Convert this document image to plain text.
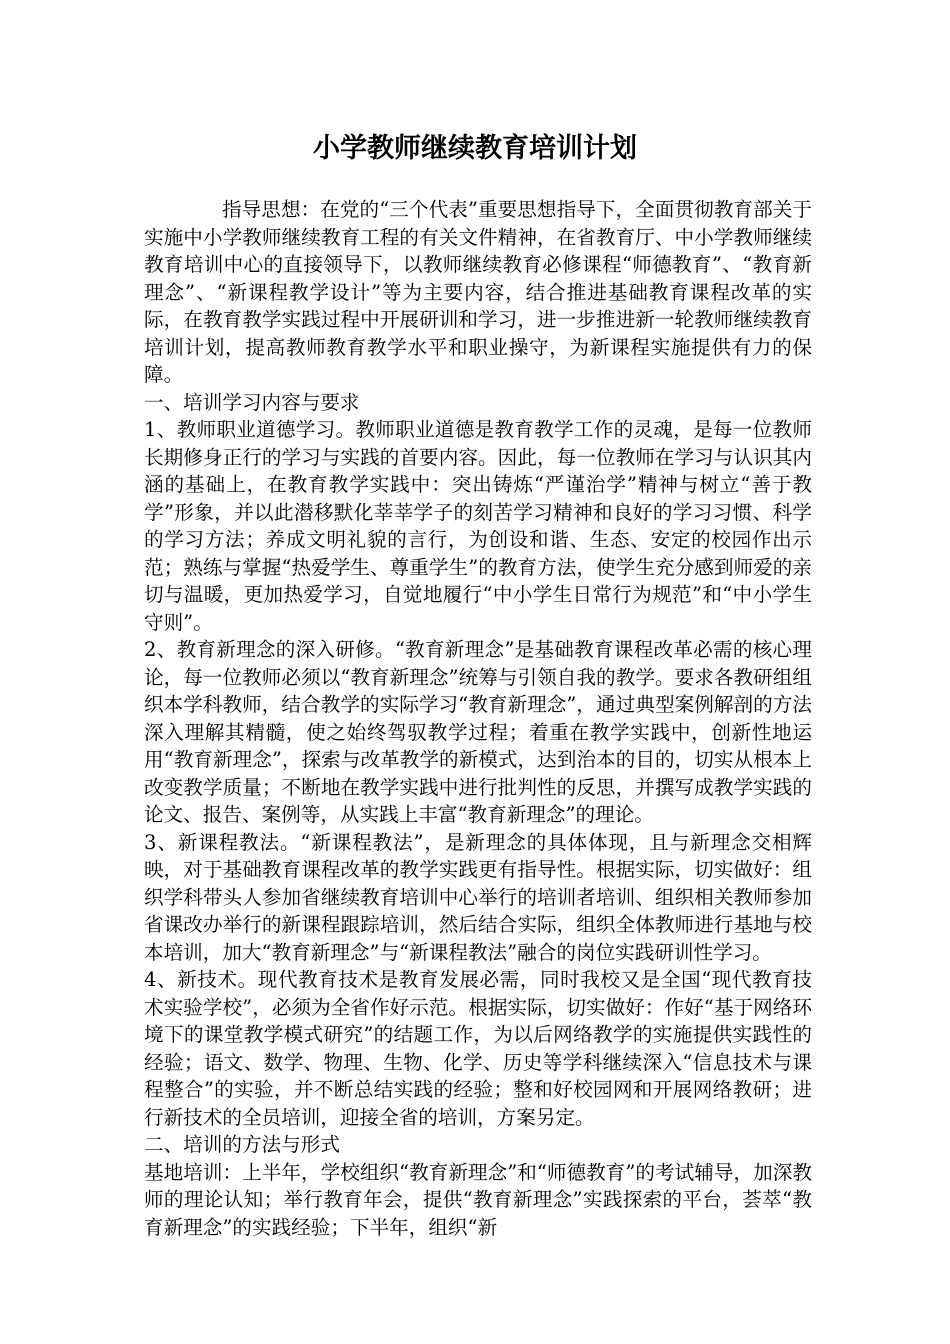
小学教师继续教育培训计划

指导思想：在党的“三个代表”重要思想指导下，全面贯彻教育部关于实施中小学教师继续教育工程的有关文件精神，在省教育厅、中小学教师继续教育培训中心的直接领导下，以教师继续教育必修课程“师德教育”、“教育新理念”、“新课程教学设计”等为主要内容，结合推进基础教育课程改革的实际，在教育教学实践过程中开展研训和学习，进一步推进新一轮教师继续教育培训计划，提高教师教育教学水平和职业操守，为新课程实施提供有力的保障。

一、培训学习内容与要求

1、教师职业道德学习。教师职业道德是教育教学工作的灵魂，是每一位教师长期修身正行的学习与实践的首要内容。因此，每一位教师在学习与认识其内涵的基础上，在教育教学实践中：突出铸炼“严谨治学”精神与树立“善于教学”形象，并以此潜移默化莘莘学子的刻苦学习精神和良好的学习习惯、科学的学习方法；养成文明礼貌的言行，为创设和谐、生态、安定的校园作出示范；熟练与掌握“热爱学生、尊重学生”的教育方法，使学生充分感到师爱的亲切与温暖，更加热爱学习，自觉地履行“中小学生日常行为规范”和“中小学生守则”。

2、教育新理念的深入研修。“教育新理念”是基础教育课程改革必需的核心理论，每一位教师必须以“教育新理念”统筹与引领自我的教学。要求各教研组组织本学科教师，结合教学的实际学习“教育新理念”，通过典型案例解剖的方法深入理解其精髓，使之始终驾驭教学过程；着重在教学实践中，创新性地运用“教育新理念”，探索与改革教学的新模式，达到治本的目的，切实从根本上改变教学质量；不断地在教学实践中进行批判性的反思，并撰写成教学实践的论文、报告、案例等，从实践上丰富“教育新理念”的理论。

3、新课程教法。“新课程教法”，是新理念的具体体现，且与新理念交相辉映，对于基础教育课程改革的教学实践更有指导性。根据实际，切实做好：组织学科带头人参加省继续教育培训中心举行的培训者培训、组织相关教师参加省课改办举行的新课程跟踪培训，然后结合实际，组织全体教师进行基地与校本培训，加大“教育新理念”与“新课程教法”融合的岗位实践研训性学习。

4、新技术。现代教育技术是教育发展必需，同时我校又是全国“现代教育技术实验学校”，必须为全省作好示范。根据实际，切实做好：作好“基于网络环境下的课堂教学模式研究”的结题工作，为以后网络教学的实施提供实践性的经验；语文、数学、物理、生物、化学、历史等学科继续深入“信息技术与课程整合”的实验，并不断总结实践的经验；整和好校园网和开展网络教研；进行新技术的全员培训，迎接全省的培训，方案另定。

二、培训的方法与形式

基地培训：上半年，学校组织“教育新理念”和“师德教育”的考试辅导，加深教师的理论认知；举行教育年会，提供“教育新理念”实践探索的平台，荟萃“教育新理念”的实践经验；下半年，组织“新
